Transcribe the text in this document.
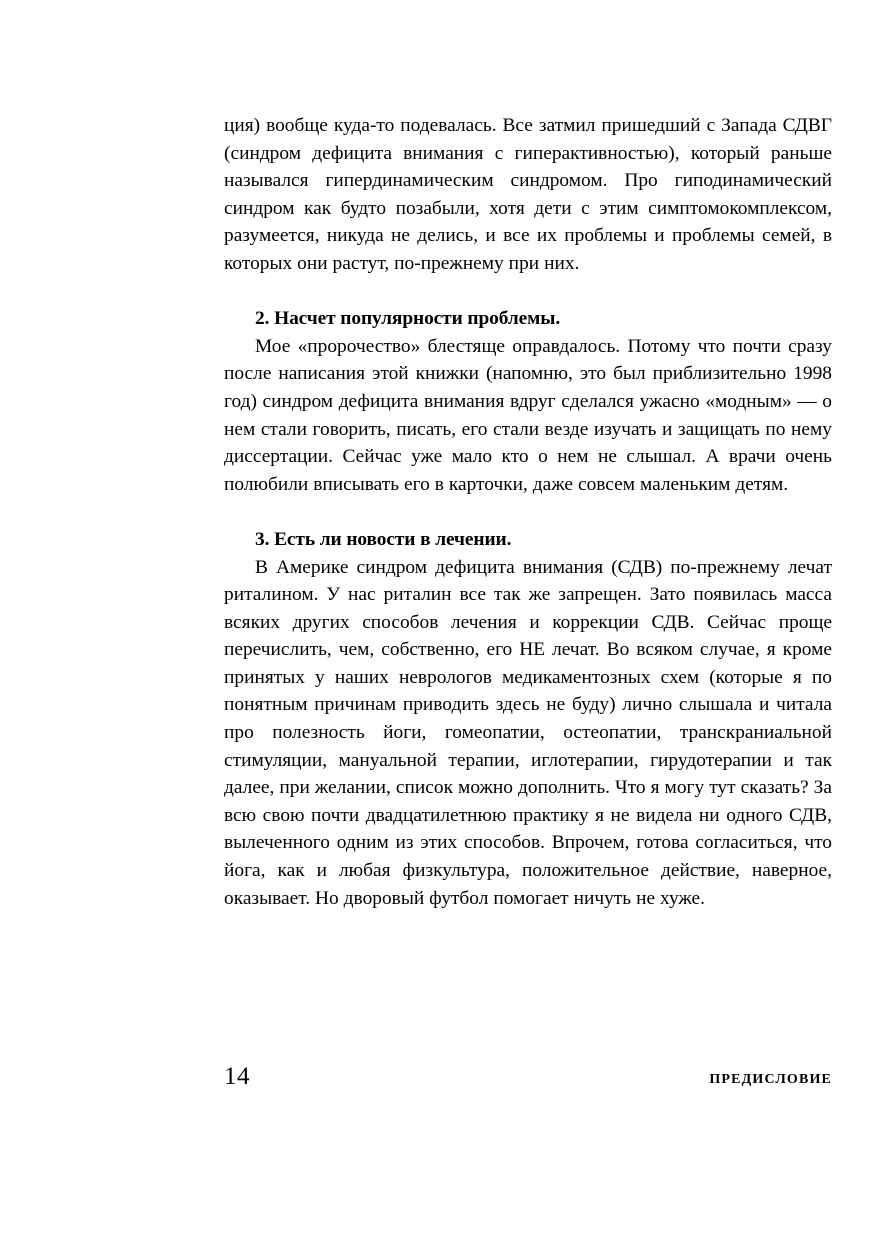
ция) вообще куда-то подевалась. Все затмил пришедший с Запада СДВГ (синдром дефицита внимания с гиперактивностью), который раньше назывался гипердинамическим синдромом. Про гиподинамический синдром как будто позабыли, хотя дети с этим симптомокомплексом, разумеется, никуда не делись, и все их проблемы и проблемы семей, в которых они растут, по-прежнему при них.

2. Насчет популярности проблемы.

Мое «пророчество» блестяще оправдалось. Потому что почти сразу после написания этой книжки (напомню, это был приблизительно 1998 год) синдром дефицита внимания вдруг сделался ужасно «модным» — о нем стали говорить, писать, его стали везде изучать и защищать по нему диссертации. Сейчас уже мало кто о нем не слышал. А врачи очень полюбили вписывать его в карточки, даже совсем маленьким детям.

3. Есть ли новости в лечении.

В Америке синдром дефицита внимания (СДВ) по-прежнему лечат риталином. У нас риталин все так же запрещен. Зато появилась масса всяких других способов лечения и коррекции СДВ. Сейчас проще перечислить, чем, собственно, его НЕ лечат. Во всяком случае, я кроме принятых у наших неврологов медикаментозных схем (которые я по понятным причинам приводить здесь не буду) лично слышала и читала про полезность йоги, гомеопатии, остеопатии, транскраниальной стимуляции, мануальной терапии, иглотерапии, гирудотерапии и так далее, при желании, список можно дополнить. Что я могу тут сказать? За всю свою почти двадцатилетнюю практику я не видела ни одного СДВ, вылеченного одним из этих способов. Впрочем, готова согласиться, что йога, как и любая физкультура, положительное действие, наверное, оказывает. Но дворовый футбол помогает ничуть не хуже.

14	ПРЕДИСЛОВИЕ
